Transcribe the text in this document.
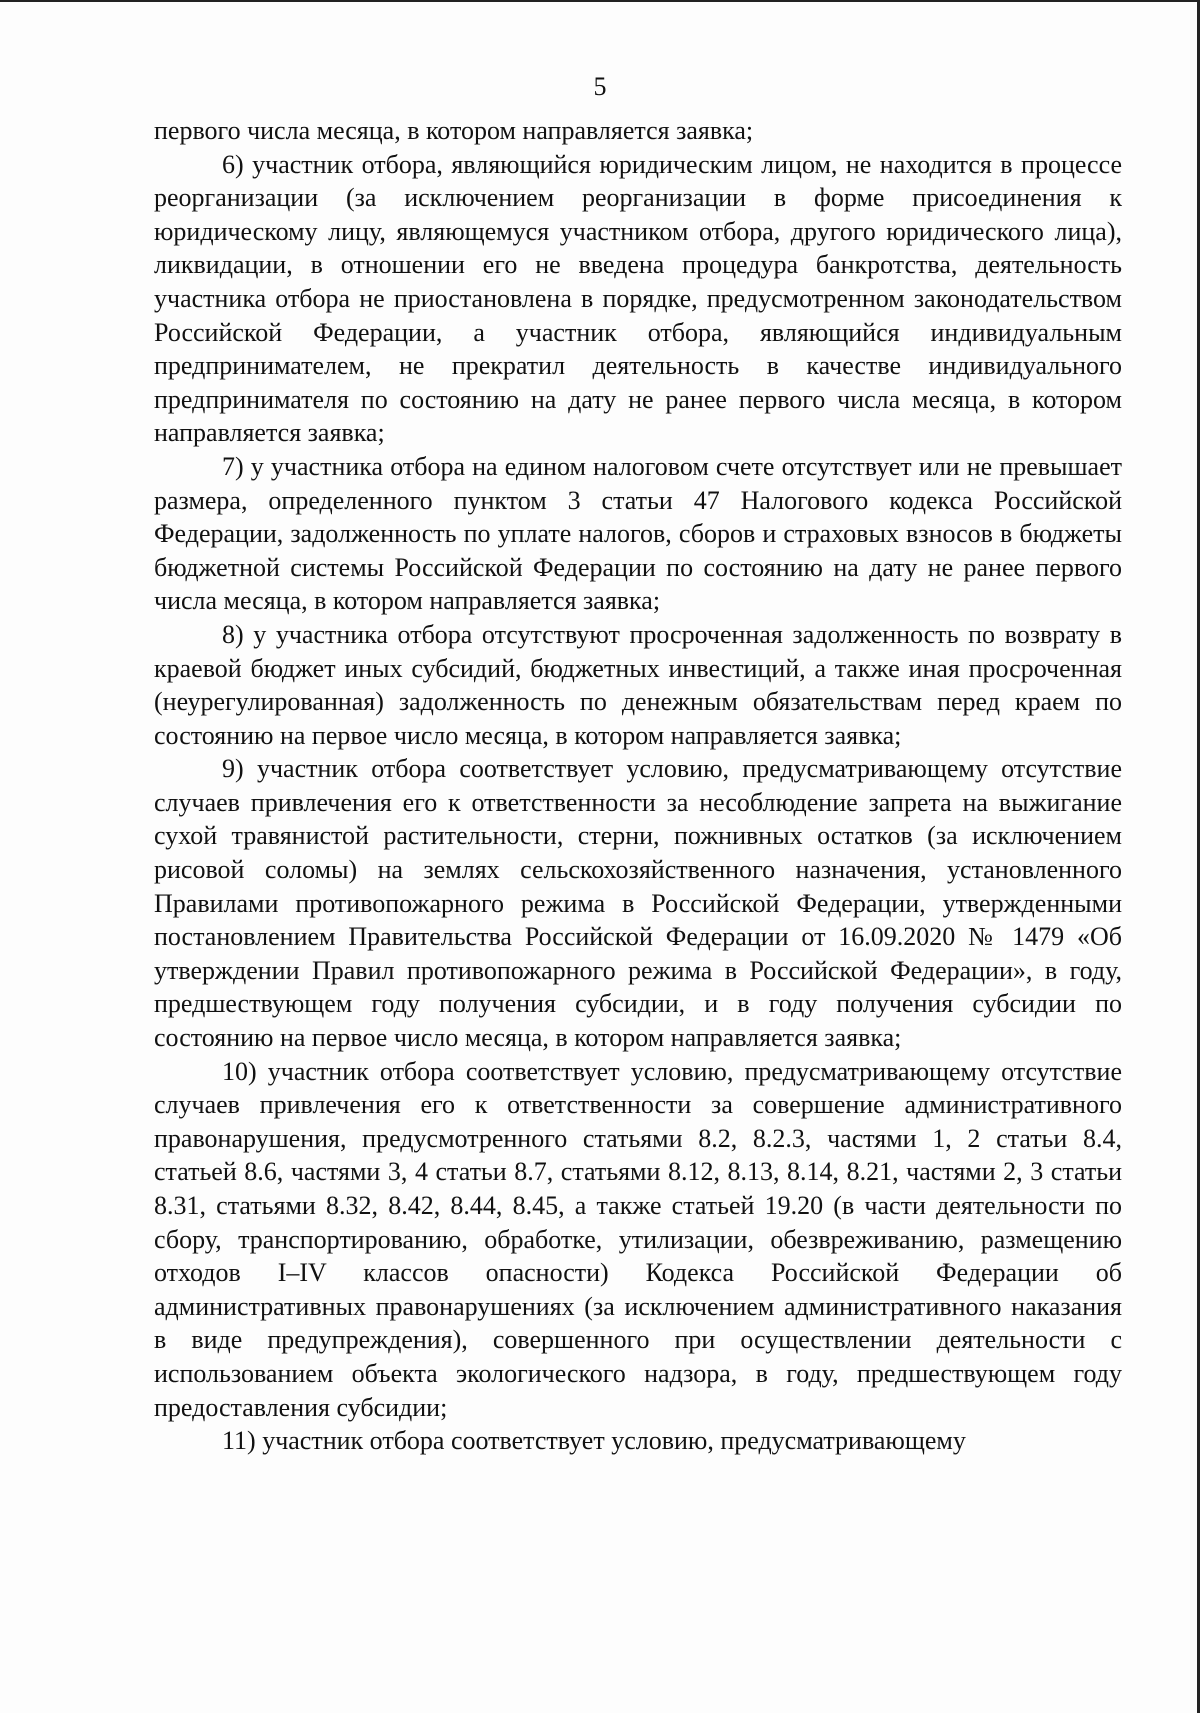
5

первого числа месяца, в котором направляется заявка;

6) участник отбора, являющийся юридическим лицом, не находится в процессе реорганизации (за исключением реорганизации в форме присоединения к юридическому лицу, являющемуся участником отбора, другого юридического лица), ликвидации, в отношении его не введена процедура банкротства, деятельность участника отбора не приостановлена в порядке, предусмотренном законодательством Российской Федерации, а участник отбора, являющийся индивидуальным предпринимателем, не прекратил деятельность в качестве индивидуального предпринимателя по состоянию на дату не ранее первого числа месяца, в котором направляется заявка;

7) у участника отбора на едином налоговом счете отсутствует или не превышает размера, определенного пунктом 3 статьи 47 Налогового кодекса Российской Федерации, задолженность по уплате налогов, сборов и страховых взносов в бюджеты бюджетной системы Российской Федерации по состоянию на дату не ранее первого числа месяца, в котором направляется заявка;

8) у участника отбора отсутствуют просроченная задолженность по возврату в краевой бюджет иных субсидий, бюджетных инвестиций, а также иная просроченная (неурегулированная) задолженность по денежным обязательствам перед краем по состоянию на первое число месяца, в котором направляется заявка;

9) участник отбора соответствует условию, предусматривающему отсутствие случаев привлечения его к ответственности за несоблюдение запрета на выжигание сухой травянистой растительности, стерни, пожнивных остатков (за исключением рисовой соломы) на землях сельскохозяйственного назначения, установленного Правилами противопожарного режима в Российской Федерации, утвержденными постановлением Правительства Российской Федерации от 16.09.2020 № 1479 «Об утверждении Правил противопожарного режима в Российской Федерации», в году, предшествующем году получения субсидии, и в году получения субсидии по состоянию на первое число месяца, в котором направляется заявка;

10) участник отбора соответствует условию, предусматривающему отсутствие случаев привлечения его к ответственности за совершение административного правонарушения, предусмотренного статьями 8.2, 8.2.3, частями 1, 2 статьи 8.4, статьей 8.6, частями 3, 4 статьи 8.7, статьями 8.12, 8.13, 8.14, 8.21, частями 2, 3 статьи 8.31, статьями 8.32, 8.42, 8.44, 8.45, а также статьей 19.20 (в части деятельности по сбору, транспортированию, обработке, утилизации, обезвреживанию, размещению отходов I–IV классов опасности) Кодекса Российской Федерации об административных правонарушениях (за исключением административного наказания в виде предупреждения), совершенного при осуществлении деятельности с использованием объекта экологического надзора, в году, предшествующем году предоставления субсидии;

11) участник отбора соответствует условию, предусматривающему
